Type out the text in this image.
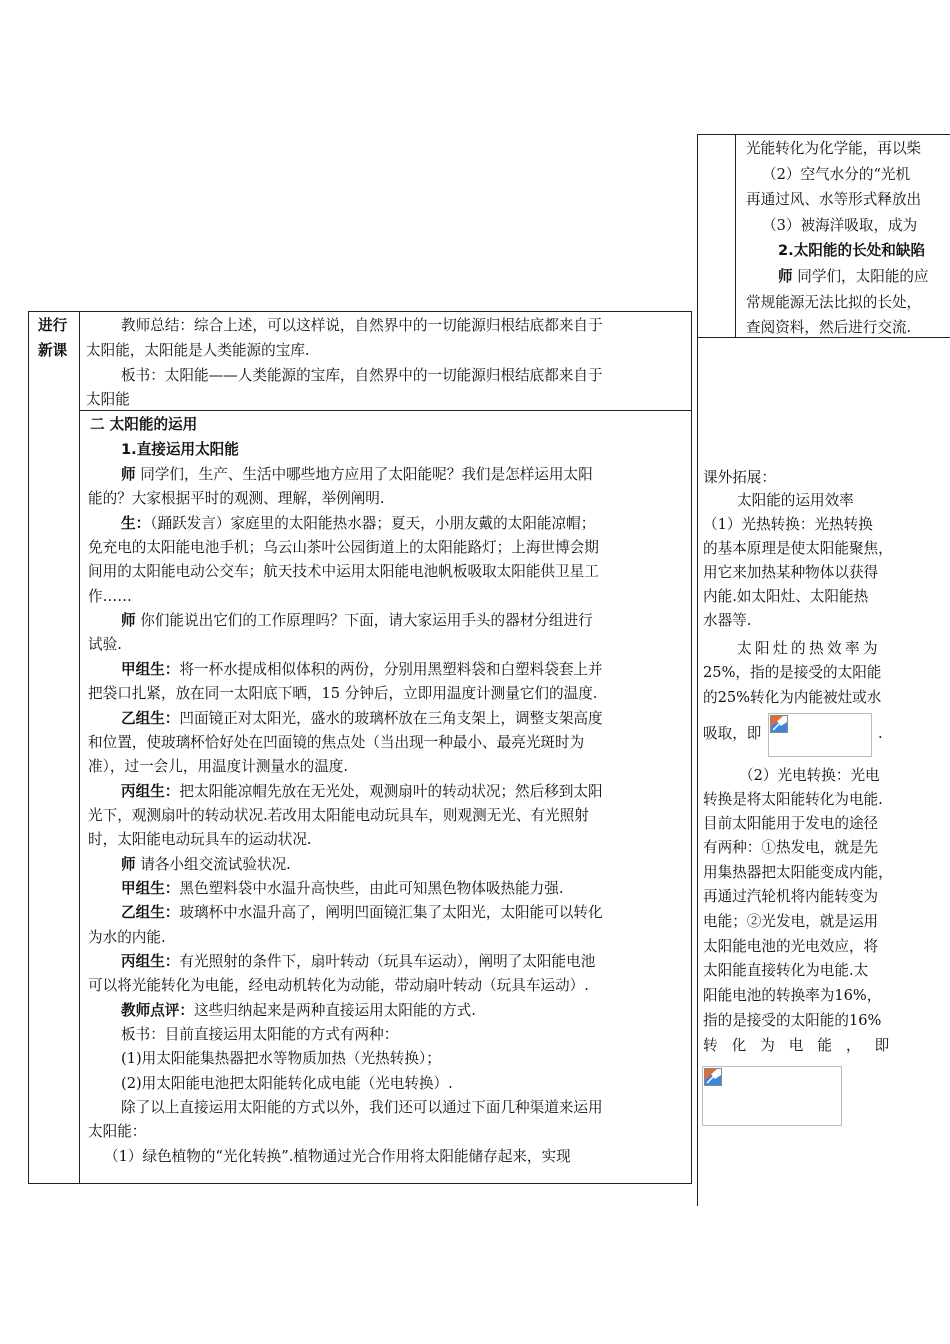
光能转化为化学能，再以柴
（2）空气水分的“光机
再通过风、水等形式释放出
（3）被海洋吸取，成为
2.太阳能的长处和缺陷
师 同学们，太阳能的应
常规能源无法比拟的长处，
查阅资料，然后进行交流.
进行
新课
教师总结：综合上述，可以这样说，自然界中的一切能源归根结底都来自于
太阳能，太阳能是人类能源的宝库.
板书：太阳能——人类能源的宝库，自然界中的一切能源归根结底都来自于
太阳能
二 太阳能的运用
1.直接运用太阳能
师 同学们，生产、生活中哪些地方应用了太阳能呢？我们是怎样运用太阳
能的？大家根据平时的观测、理解，举例阐明.
生：（踊跃发言）家庭里的太阳能热水器；夏天，小朋友戴的太阳能凉帽；
免充电的太阳能电池手机；乌云山茶叶公园街道上的太阳能路灯；上海世博会期
间用的太阳能电动公交车；航天技术中运用太阳能电池帆板吸取太阳能供卫星工
作……
师 你们能说出它们的工作原理吗？下面，请大家运用手头的器材分组进行
试验.
甲组生：将一杯水提成相似体积的两份，分别用黑塑料袋和白塑料袋套上并
把袋口扎紧，放在同一太阳底下晒，15 分钟后，立即用温度计测量它们的温度.
乙组生：凹面镜正对太阳光，盛水的玻璃杯放在三角支架上，调整支架高度
和位置，使玻璃杯恰好处在凹面镜的焦点处（当出现一种最小、最亮光斑时为
准），过一会儿，用温度计测量水的温度.
丙组生：把太阳能凉帽先放在无光处，观测扇叶的转动状况；然后移到太阳
光下，观测扇叶的转动状况.若改用太阳能电动玩具车，则观测无光、有光照射
时，太阳能电动玩具车的运动状况.
师 请各小组交流试验状况.
甲组生：黑色塑料袋中水温升高快些，由此可知黑色物体吸热能力强.
乙组生：玻璃杯中水温升高了，阐明凹面镜汇集了太阳光，太阳能可以转化
为水的内能.
丙组生：有光照射的条件下，扇叶转动（玩具车运动），阐明了太阳能电池
可以将光能转化为电能，经电动机转化为动能，带动扇叶转动（玩具车运动）.
教师点评：这些归纳起来是两种直接运用太阳能的方式.
板书：目前直接运用太阳能的方式有两种：
(1)用太阳能集热器把水等物质加热（光热转换）；
(2)用太阳能电池把太阳能转化成电能（光电转换）.
除了以上直接运用太阳能的方式以外，我们还可以通过下面几种渠道来运用
太阳能：
（1）绿色植物的“光化转换”.植物通过光合作用将太阳能储存起来，实现
课外拓展：
太阳能的运用效率
（1）光热转换：光热转换
的基本原理是使太阳能聚焦，
用它来加热某种物体以获得
内能.如太阳灶、太阳能热
水器等.
太阳灶的热效率为
25%，指的是接受的太阳能
的25%转化为内能被灶或水
吸取，即	.
（2）光电转换：光电
转换是将太阳能转化为电能.
目前太阳能用于发电的途径
有两种：①热发电，就是先
用集热器把太阳能变成内能，
再通过汽轮机将内能转变为
电能；②光发电，就是运用
太阳能电池的光电效应，将
太阳能直接转化为电能.太
阳能电池的转换率为16%，
指的是接受的太阳能的16%
转化为电能，即
